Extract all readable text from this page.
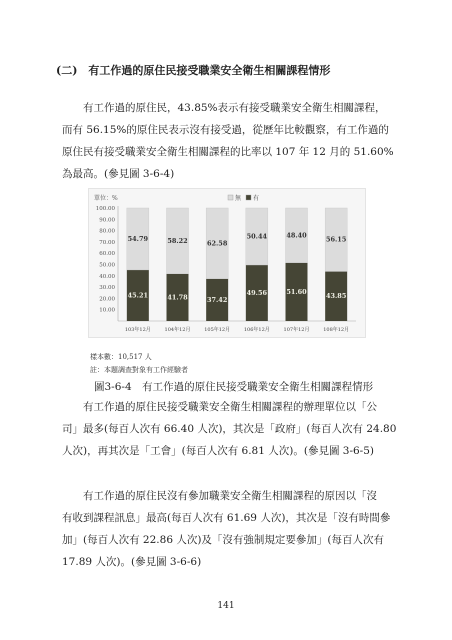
(二)　有工作過的原住民接受職業安全衛生相關課程情形
有工作過的原住民，43.85%表示有接受職業安全衛生相關課程，
而有 56.15%的原住民表示沒有接受過，從歷年比較觀察，有工作過的
原住民有接受職業安全衛生相關課程的比率以 107 年 12 月的 51.60%
為最高。(參見圖 3-6-4)
單位：%	無 有
100.00
90.00
80.00
70.00
60.00
50.00
40.00
30.00
20.00
10.00
45.21
54.79
103年12月
41.78
58.22
104年12月
37.42
62.58
105年12月
49.56
50.44
106年12月
51.60
48.40
107年12月
43.85
56.15
108年12月
樣本數：10,517 人
註：本題調查對象有工作經驗者
圖3-6-4　有工作過的原住民接受職業安全衛生相關課程情形
有工作過的原住民接受職業安全衛生相關課程的辦理單位以「公
司」最多(每百人次有 66.40 人次)，其次是「政府」(每百人次有 24.80
人次)，再其次是「工會」(每百人次有 6.81 人次)。(參見圖 3-6-5)
有工作過的原住民沒有參加職業安全衛生相關課程的原因以「沒
有收到課程訊息」最高(每百人次有 61.69 人次)，其次是「沒有時間參
加」(每百人次有 22.86 人次)及「沒有強制規定要參加」(每百人次有
17.89 人次)。(參見圖 3-6-6)
141
